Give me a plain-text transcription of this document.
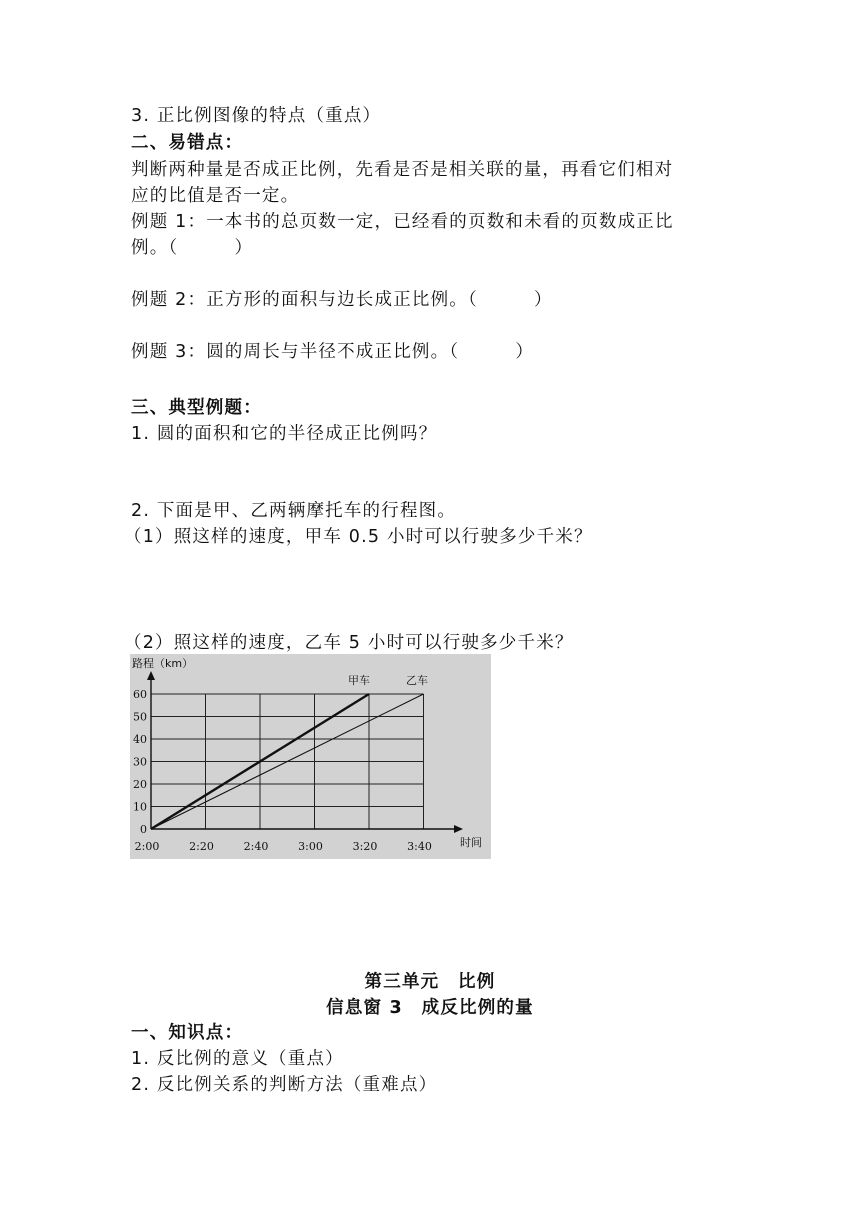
3. 正比例图像的特点（重点）
二、易错点：
判断两种量是否成正比例，先看是否是相关联的量，再看它们相对
应的比值是否一定。
例题 1：一本书的总页数一定，已经看的页数和未看的页数成正比
例。（　　　）
例题 2：正方形的面积与边长成正比例。（　　　）
例题 3：圆的周长与半径不成正比例。（　　　）
三、典型例题：
1. 圆的面积和它的半径成正比例吗？
2. 下面是甲、乙两辆摩托车的行程图。
（1）照这样的速度，甲车 0.5 小时可以行驶多少千米？
（2）照这样的速度，乙车 5 小时可以行驶多少千米？
0
10
20
30
40
50
60
2:00	2:20	2:40	3:00	3:20	3:40
路程（km）
时间
甲车	乙车
第三单元　比例
信息窗 3　成反比例的量
一、知识点：
1. 反比例的意义（重点）
2. 反比例关系的判断方法（重难点）
